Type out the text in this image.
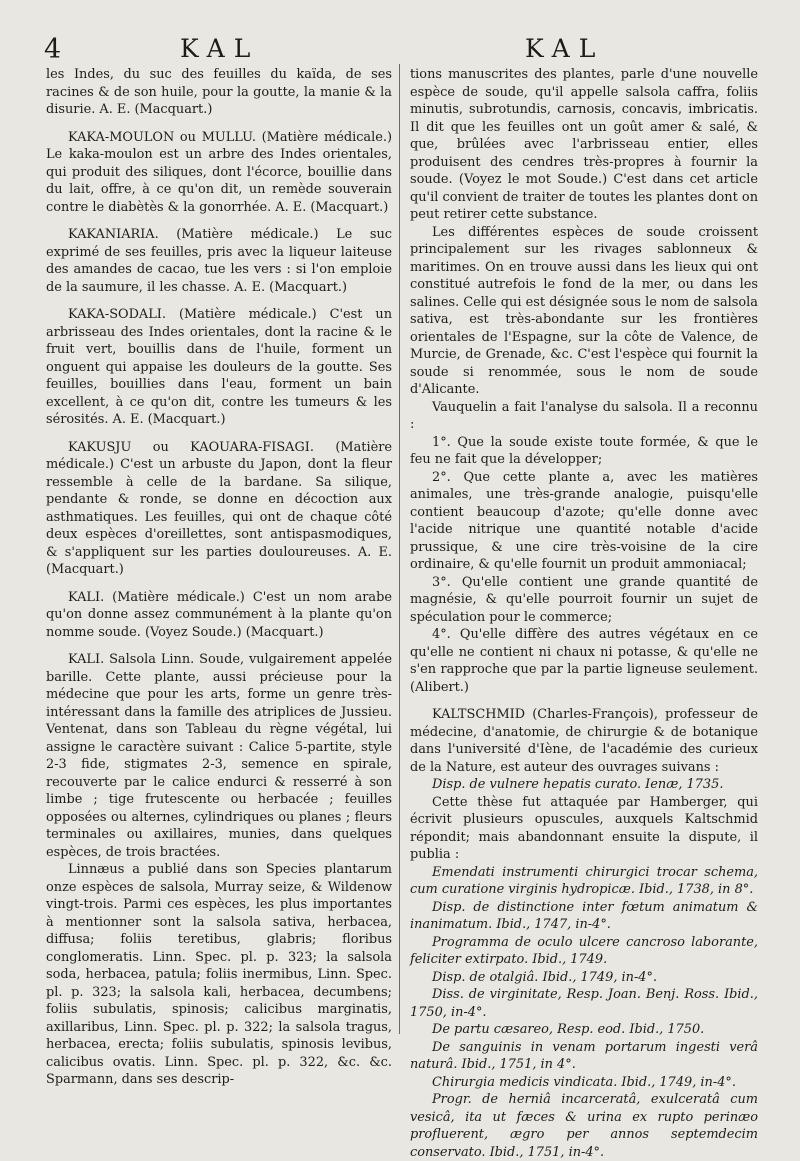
4	KAL	KAL

les Indes, du suc des feuilles du kaïda, de ses racines & de son huile, pour la goutte, la manie & la disurie. A. E. (Macquart.)

KAKA-MOULON ou MULLU. (Matière médicale.) Le kaka-moulon est un arbre des Indes orientales, qui produit des siliques, dont l'écorce, bouillie dans du lait, offre, à ce qu'on dit, un remède souverain contre le diabètès & la gonorrhée. A. E. (Macquart.)

KAKANIARIA. (Matière médicale.) Le suc exprimé de ses feuilles, pris avec la liqueur laiteuse des amandes de cacao, tue les vers : si l'on emploie de la saumure, il les chasse. A. E. (Macquart.)

KAKA-SODALI. (Matière médicale.) C'est un arbrisseau des Indes orientales, dont la racine & le fruit vert, bouillis dans de l'huile, forment un onguent qui appaise les douleurs de la goutte. Ses feuilles, bouillies dans l'eau, forment un bain excellent, à ce qu'on dit, contre les tumeurs & les sérosités. A. E. (Macquart.)

KAKUSJU ou KAOUARA-FISAGI. (Matière médicale.) C'est un arbuste du Japon, dont la fleur ressemble à celle de la bardane. Sa silique, pendante & ronde, se donne en décoction aux asthmatiques. Les feuilles, qui ont de chaque côté deux espèces d'oreillettes, sont antispasmodiques, & s'appliquent sur les parties douloureuses. A. E. (Macquart.)

KALI. (Matière médicale.) C'est un nom arabe qu'on donne assez communément à la plante qu'on nomme soude. (Voyez Soude.) (Macquart.)

KALI. Salsola Linn. Soude, vulgairement appelée barille. Cette plante, aussi précieuse pour la médecine que pour les arts, forme un genre très-intéressant dans la famille des atriplices de Jussieu. Ventenat, dans son Tableau du règne végétal, lui assigne le caractère suivant : Calice 5-partite, style 2-3 fide, stigmates 2-3, semence en spirale, recouverte par le calice endurci & resserré à son limbe ; tige frutescente ou herbacée ; feuilles opposées ou alternes, cylindriques ou planes ; fleurs terminales ou axillaires, munies, dans quelques espèces, de trois bractées.

Linnæus a publié dans son Species plantarum onze espèces de salsola, Murray seize, & Wildenow vingt-trois. Parmi ces espèces, les plus importantes à mentionner sont la salsola sativa, herbacea, diffusa; foliis teretibus, glabris; floribus conglomeratis. Linn. Spec. pl. p. 323; la salsola soda, herbacea, patula; foliis inermibus, Linn. Spec. pl. p. 323; la salsola kali, herbacea, decumbens; foliis subulatis, spinosis; calicibus marginatis, axillaribus, Linn. Spec. pl. p. 322; la salsola tragus, herbacea, erecta; foliis subulatis, spinosis levibus, calicibus ovatis. Linn. Spec. pl. p. 322, &c. &c. Sparmann, dans ses descrip-

tions manuscrites des plantes, parle d'une nouvelle espèce de soude, qu'il appelle salsola caffra, foliis minutis, subrotundis, carnosis, concavis, imbricatis. Il dit que les feuilles ont un goût amer & salé, & que, brûlées avec l'arbrisseau entier, elles produisent des cendres très-propres à fournir la soude. (Voyez le mot Soude.) C'est dans cet article qu'il convient de traiter de toutes les plantes dont on peut retirer cette substance.

Les différentes espèces de soude croissent principalement sur les rivages sablonneux & maritimes. On en trouve aussi dans les lieux qui ont constitué autrefois le fond de la mer, ou dans les salines. Celle qui est désignée sous le nom de salsola sativa, est très-abondante sur les frontières orientales de l'Espagne, sur la côte de Valence, de Murcie, de Grenade, &c. C'est l'espèce qui fournit la soude si renommée, sous le nom de soude d'Alicante.

Vauquelin a fait l'analyse du salsola. Il a reconnu :

1°. Que la soude existe toute formée, & que le feu ne fait que la développer;

2°. Que cette plante a, avec les matières animales, une très-grande analogie, puisqu'elle contient beaucoup d'azote; qu'elle donne avec l'acide nitrique une quantité notable d'acide prussique, & une cire très-voisine de la cire ordinaire, & qu'elle fournit un produit ammoniacal;

3°. Qu'elle contient une grande quantité de magnésie, & qu'elle pourroit fournir un sujet de spéculation pour le commerce;

4°. Qu'elle diffère des autres végétaux en ce qu'elle ne contient ni chaux ni potasse, & qu'elle ne s'en rapproche que par la partie ligneuse seulement. (Alibert.)

KALTSCHMID (Charles-François), professeur de médecine, d'anatomie, de chirurgie & de botanique dans l'université d'Iène, de l'académie des curieux de la Nature, est auteur des ouvrages suivans :

Disp. de vulnere hepatis curato. Ienæ, 1735.

Cette thèse fut attaquée par Hamberger, qui écrivit plusieurs opuscules, auxquels Kaltschmid répondit; mais abandonnant ensuite la dispute, il publia :

Emendati instrumenti chirurgici trocar schema, cum curatione virginis hydropicæ. Ibid., 1738, in 8°.

Disp. de distinctione inter fœtum animatum & inanimatum. Ibid., 1747, in-4°.

Programma de oculo ulcere cancroso laborante, feliciter extirpato. Ibid., 1749.

Disp. de otalgiâ. Ibid., 1749, in-4°.

Diss. de virginitate, Resp. Joan. Benj. Ross. Ibid., 1750, in-4°.

De partu cæsareo, Resp. eod. Ibid., 1750.

De sanguinis in venam portarum ingesti verâ naturâ. Ibid., 1751, in 4°.

Chirurgia medicis vindicata. Ibid., 1749, in-4°.

Progr. de herniâ incarceratâ, exulceratâ cum vesicâ, ita ut fæces & urina ex rupto perinæo profluerent, ægro per annos septemdecim conservato. Ibid., 1751, in-4°.
